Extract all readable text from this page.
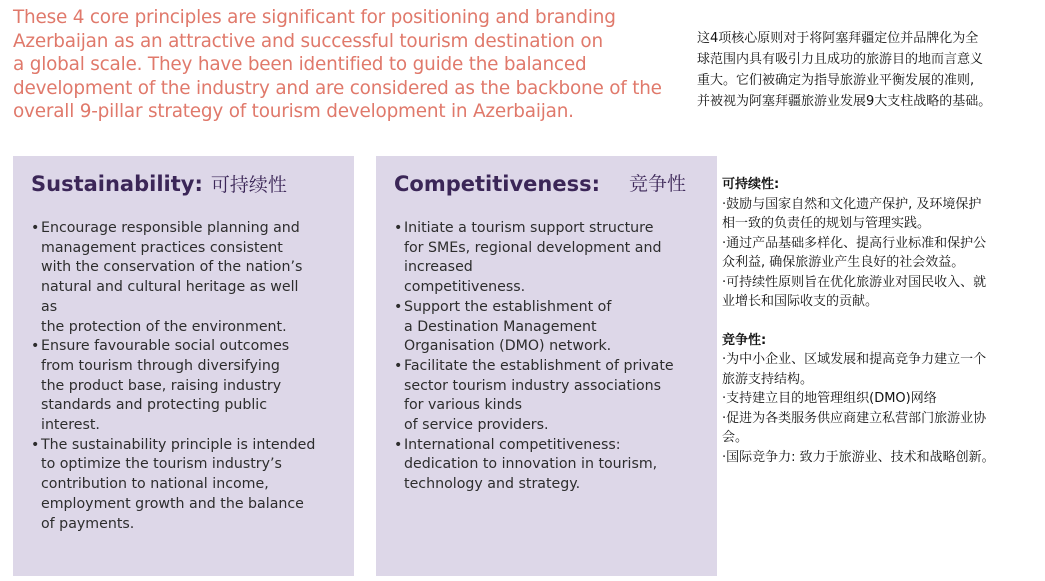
These 4 core principles are significant for positioning and branding
Azerbaijan as an attractive and successful tourism destination on
a global scale. They have been identified to guide the balanced
development of the industry and are considered as the backbone of the
overall 9-pillar strategy of tourism development in Azerbaijan.
这4项核心原则对于将阿塞拜疆定位并品牌化为全
球范围内具有吸引力且成功的旅游目的地而言意义
重大。它们被确定为指导旅游业平衡发展的准则,
并被视为阿塞拜疆旅游业发展9大支柱战略的基础。
Sustainability: 可持续性
• Encourage responsible planning and
management practices consistent
with the conservation of the nation’s
natural and cultural heritage as well
as
the protection of the environment.
• Ensure favourable social outcomes
from tourism through diversifying
the product base, raising industry
standards and protecting public
interest.
• The sustainability principle is intended
to optimize the tourism industry’s
contribution to national income,
employment growth and the balance
of payments.
Competitiveness: 竞争性
• Initiate a tourism support structure
for SMEs, regional development and
increased
competitiveness.
• Support the establishment of
a Destination Management
Organisation (DMO) network.
• Facilitate the establishment of private
sector tourism industry associations
for various kinds
of service providers.
• International competitiveness:
dedication to innovation in tourism,
technology and strategy.
可持续性:

·鼓励与国家自然和文化遗产保护, 及环境保护

相一致的负责任的规划与管理实践。

·通过产品基础多样化、提高行业标准和保护公

众利益, 确保旅游业产生良好的社会效益。

·可持续性原则旨在优化旅游业对国民收入、就

业增长和国际收支的贡献。

竞争性:

·为中小企业、区域发展和提高竞争力建立一个

旅游支持结构。

·支持建立目的地管理组织(DMO)网络

·促进为各类服务供应商建立私营部门旅游业协

会。

·国际竞争力: 致力于旅游业、技术和战略创新。
